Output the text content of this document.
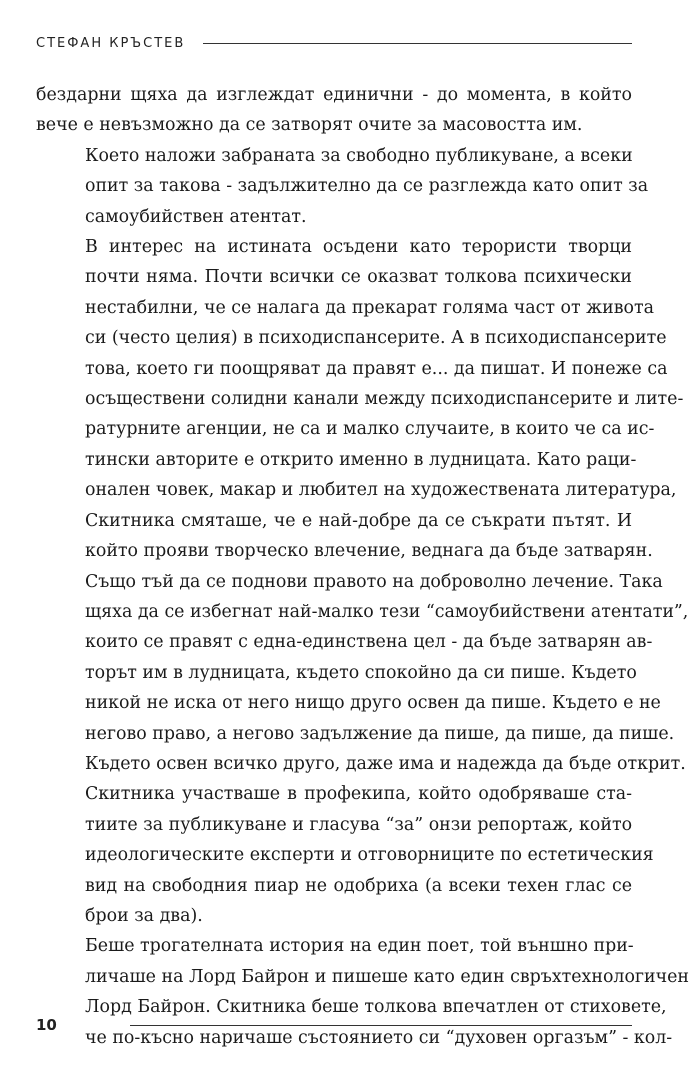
СТЕФАН КРЪСТЕВ

бездарни щяха да изглеждат единични - до момента, в който
вече е невъзможно да се затворят очите за масовостта им.

Което наложи забраната за свободно публикуване, а всеки
опит за такова - задължително да се разглежда като опит за
самоубийствен атентат.

В интерес на истината осъдени като терористи творци
почти няма. Почти всички се оказват толкова психически
нестабилни, че се налага да прекарат голяма част от живота
си (често целия) в психодиспансерите. А в психодиспансерите
това, което ги поощряват да правят е... да пишат. И понеже са
осъществени солидни канали между психодиспансерите и лите-
ратурните агенции, не са и малко случаите, в които че са ис-
тински авторите е открито именно в лудницата. Като раци-
онален човек, макар и любител на художествената литература,
Скитника смяташе, че е най-добре да се съкрати пътят. И
който прояви творческо влечение, веднага да бъде затварян.
Също тъй да се поднови правото на доброволно лечение. Така
щяха да се избегнат най-малко тези “самоубийствени атентати”,
които се правят с една-единствена цел - да бъде затварян ав-
торът им в лудницата, където спокойно да си пише. Където
никой не иска от него нищо друго освен да пише. Където е не
негово право, а негово задължение да пише, да пише, да пише.
Където освен всичко друго, даже има и надежда да бъде открит.

Скитника участваше в профекипа, който одобряваше ста-
тиите за публикуване и гласува “за” онзи репортаж, който
идеологическите експерти и отговорниците по естетическия
вид на свободния пиар не одобриха (а всеки техен глас се
брои за два).

Беше трогателната история на един поет, той външно при-
личаше на Лорд Байрон и пишеше като един свръхтехнологичен
Лорд Байрон. Скитника беше толкова впечатлен от стиховете,
че по-късно наричаше състоянието си “духовен оргазъм” - кол-

10
